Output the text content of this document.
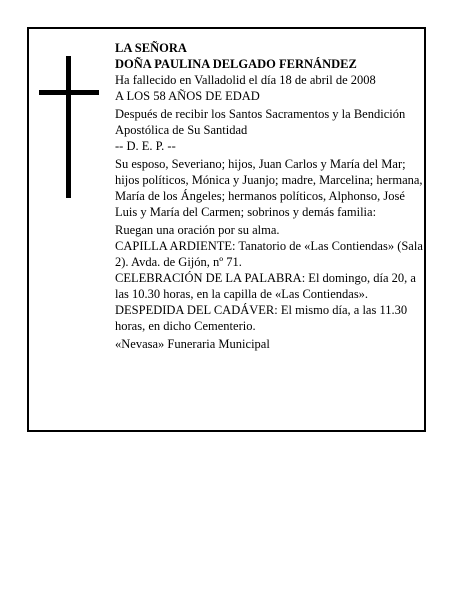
LA SEÑORA

DOÑA PAULINA DELGADO FERNÁNDEZ

Ha fallecido en Valladolid el día 18 de abril de 2008

A LOS 58 AÑOS DE EDAD

Después de recibir los Santos Sacramentos y la Bendición Apostólica de Su Santidad

-- D. E. P. --

Su esposo, Severiano; hijos, Juan Carlos y María del Mar; hijos políticos, Mónica y Juanjo; madre, Marcelina; hermana, María de los Ángeles; hermanos políticos, Alphonso, José Luis y María del Carmen; sobrinos y demás familia:

Ruegan una oración por su alma.

CAPILLA ARDIENTE: Tanatorio de «Las Contiendas» (Sala 2). Avda. de Gijón, nº 71.

CELEBRACIÓN DE LA PALABRA: El domingo, día 20, a las 10.30 horas, en la capilla de «Las Contiendas».

DESPEDIDA DEL CADÁVER: El mismo día, a las 11.30 horas, en dicho Cementerio.

«Nevasa» Funeraria Municipal
